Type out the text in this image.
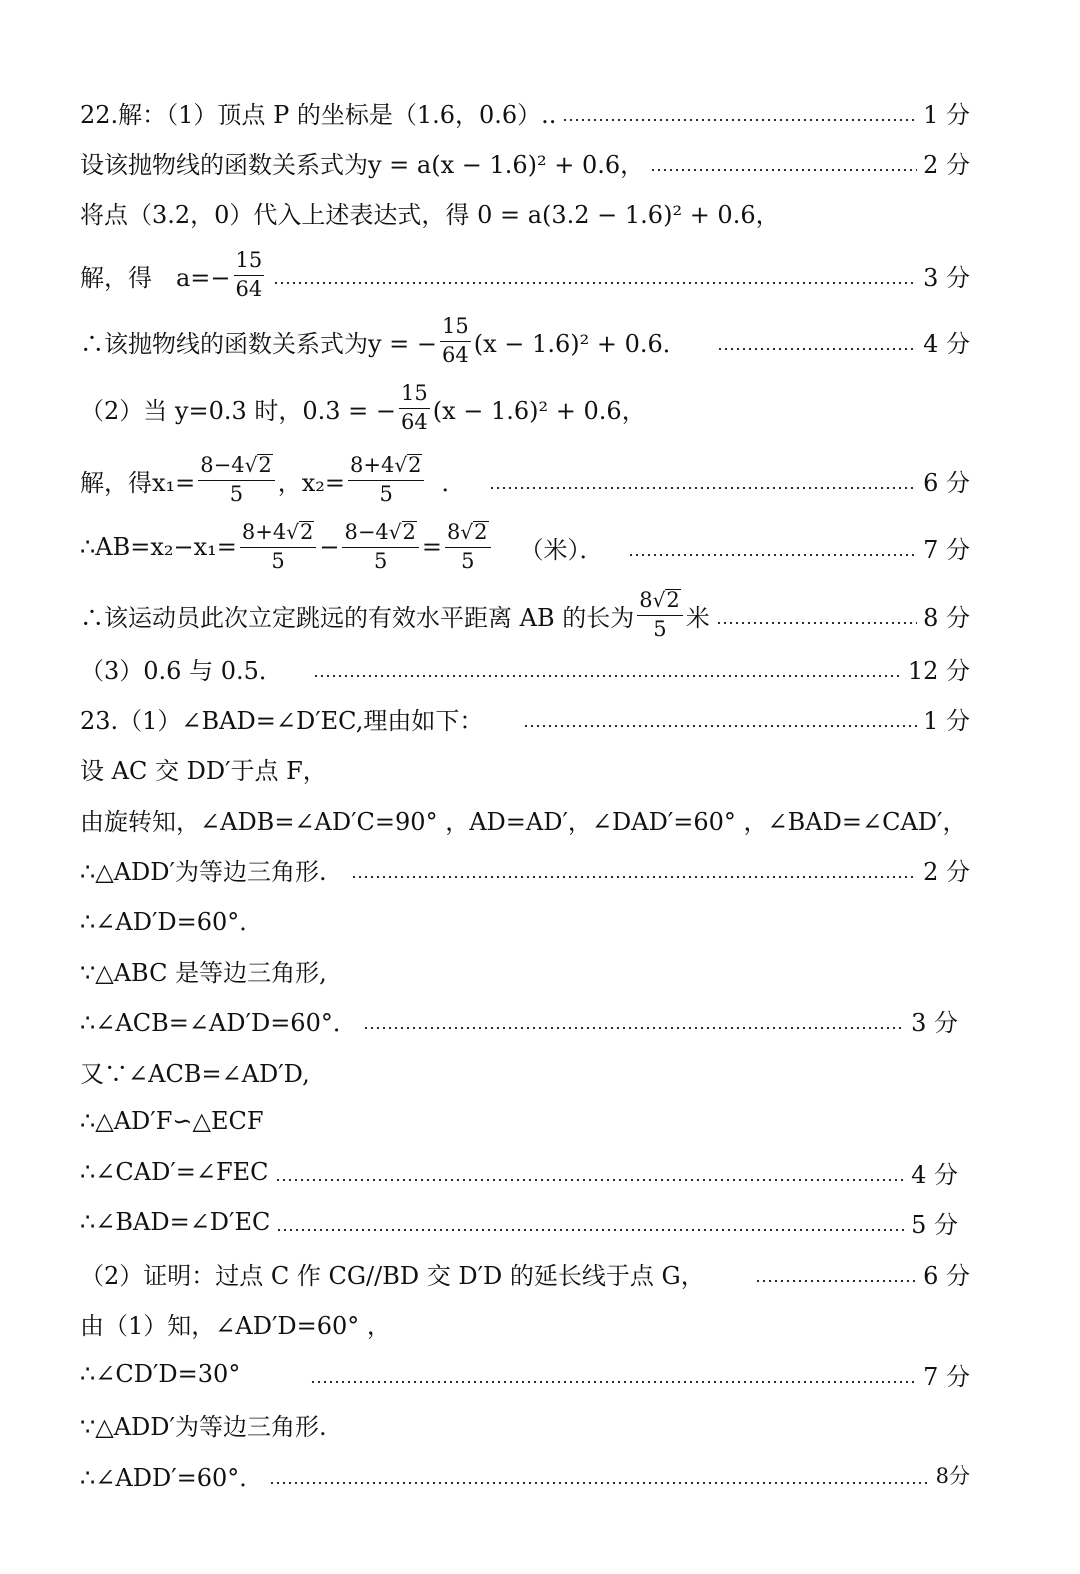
22.解：（1）顶点 P 的坐标是（1.6，0.6）..	1 分
设该抛物线的函数关系式为y = a(x − 1.6)² + 0.6，	2 分
将点（3.2，0）代入上述表达式，得 0 = a(3.2 − 1.6)² + 0.6，
解，得　$a=- \frac{15}{64}$	3 分
∴该抛物线的函数关系式为y = − $\frac{15}{64} (x - 1.6)^2 + 0.6$．	4 分
（2）当 y=0.3 时，0.3 = − $\frac{15}{64} (x - 1.6)^2 + 0.6$，
解，得$x_1= \frac{8-4 √ 2}{5}$ ，$x_2= \frac{8+4 √ 2}{5}$ ．	6 分
∴AB=x₂−x₁= $\frac{8+4 √ 2}{5} - \frac{8-4 √ 2}{5} = \frac{8 √ 2}{5}$ （米）．	7 分
∴该运动员此次立定跳远的有效水平距离 AB 的长为 $\frac{8 √ 2}{5}$ 米	8 分
（3）0.6 与 0.5．	12 分
23.（1）∠BAD=∠D′EC,理由如下：	1 分
设 AC 交 DD′于点 F，
由旋转知，∠ADB=∠AD′C=90° ，AD=AD′，∠DAD′=60° ，∠BAD=∠CAD′，
∴△ADD′为等边三角形.	2 分
∴∠AD′D=60°．
∵△ABC 是等边三角形,
∴∠ACB=∠AD′D=60°．	3 分
又∵∠ACB=∠AD′D,
∴△AD′F∽△ECF
∴∠CAD′=∠FEC	4 分
∴∠BAD=∠D′EC	5 分
（2）证明：过点 C 作 CG//BD 交 D′D 的延长线于点 G，	6 分
由（1）知，∠AD′D=60° ，
∴∠CD′D=30°	7 分
∵△ADD′为等边三角形.
∴∠ADD′=60°．	8分
